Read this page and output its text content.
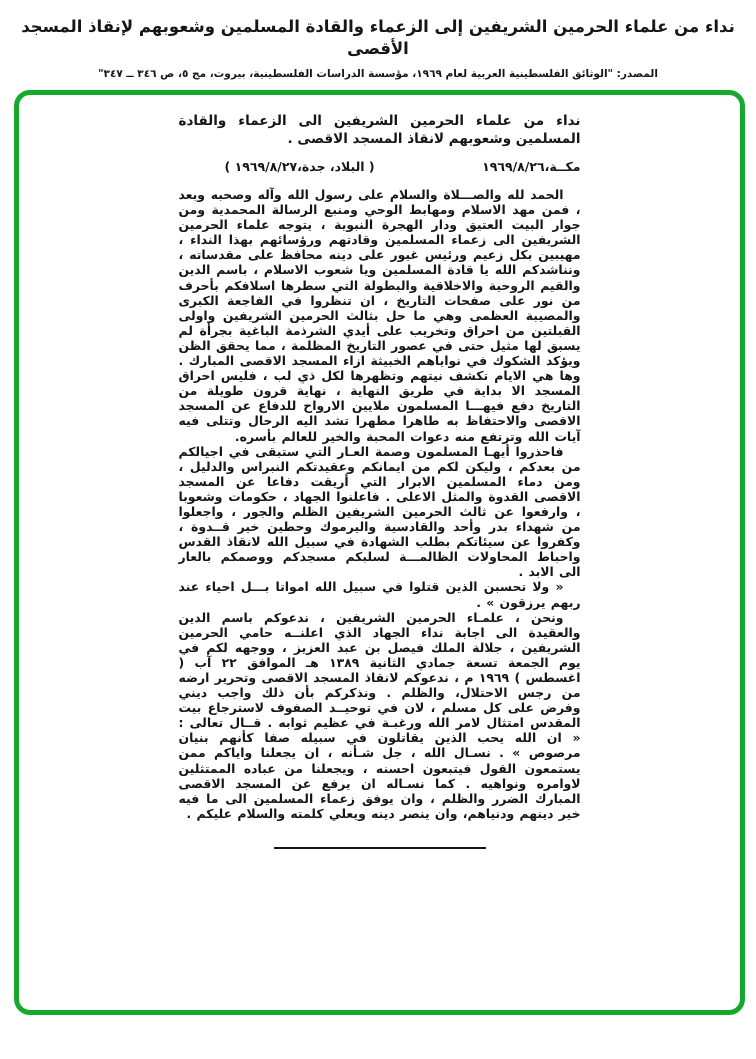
نداء من علماء الحرمين الشريفين إلى الزعماء والقادة المسلمين وشعوبهم لإنقاذ المسجد الأقصى

المصدر: "الوثائق الفلسطينية العربية لعام ١٩٦٩، مؤسسة الدراسات الفلسطينية، بيروت، مج ٥، ص ٣٤٦ ــ ٣٤٧"

نداء من علماء الحرمين الشريفين الى الزعماء والقادة المسلمين وشعوبهم لانقاذ المسجد الاقصى .

مكــة،١٩٦٩/٨/٢٦
( البلاد، جدة،١٩٦٩/٨/٢٧ )

الحمد لله والصـــلاة والسلام على رسول الله وآله وصحبه وبعد ، فمن مهد الاسلام ومهابط الوحي ومنبع الرسالة المحمدية ومن جوار البيت العتيق ودار الهجرة النبوية ، يتوجه علماء الحرمين الشريفين الى زعماء المسلمين وقادتهم ورؤسائهم بهذا النداء ، مهيبين بكل زعيم ورئيس غيور على دينه محافظ على مقدساته ، ونناشدكم الله يا قادة المسلمين ويا شعوب الاسلام ، باسم الدين والقيم الروحية والاخلاقية والبطولة التي سطرها اسلافكم بأحرف من نور على صفحات التاريخ ، ان تنظروا في الفاجعة الكبرى والمصيبة العظمى وهي ما حل بثالث الحرمين الشريفين واولى القبلتين من احراق وتخريب على أيدي الشرذمة الباغية بجرأة لم يسبق لها مثيل حتى في عصور التاريخ المظلمة ، مما يحقق الظن ويؤكد الشكوك في نواياهم الخبيثة ازاء المسجد الاقصى المبارك . وها هي الايام تكشف نيتهم وتظهرها لكل ذي لب ، فليس احراق المسجد الا بداية في طريق النهاية ، نهاية قرون طويلة من التاريخ دفع فيهـــا المسلمون ملايين الارواح للدفاع عن المسجد الاقصى والاحتفاظ به طاهرا مطهرا تشد اليه الرحال وتتلى فيه آيات الله وترتفع منه دعوات المحبة والخير للعالم بأسره.

فاحذروا أيهـا المسلمون وصمة العـار التي ستبقى في اجيالكم من بعدكم ، وليكن لكم من ايمانكم وعقيدتكم النبراس والدليل ، ومن دماء المسلمين الابرار التي أريقت دفاعا عن المسجد الاقصى القدوة والمثل الاعلى . فاعلنوا الجهاد ، حكومات وشعوبا ، وارفعوا عن ثالث الحرمين الشريفين الظلم والجور ، واجعلوا من شهداء بدر وأحد والقادسية واليرموك وحطين خير قــدوة ، وكفروا عن سيئاتكم بطلب الشهادة في سبيل الله لانقاذ القدس واحباط المحاولات الظالمـــة لسلبكم مسجدكم ووصمكم بالعار الى الابد .

« ولا تحسبن الذين قتلوا في سبيل الله امواتا بـــل احياء عند ربهم يرزقون » .

ونحن ، علمـاء الحرمين الشريفين ، ندعوكم باسم الدين والعقيدة الى اجابة نداء الجهاد الذي اعلنــه حامي الحرمين الشريفين ، جلالة الملك فيصل بن عبد العزيز ، ووجهه لكم في يوم الجمعة تسعة جمادي الثانية ١٣٨٩ هـ الموافق ٢٢ آب ( اغسطس ) ١٩٦٩ م ، ندعوكم لانقاذ المسجد الاقصى وتحرير ارضه من رجس الاحتلال، والظلم . ونذكركم بأن ذلك واجب ديني وفرض على كل مسلم ، لان في توحيــد الصفوف لاسترجاع بيت المقدس امتثال لامر الله ورغبـة في عظيم ثوابه . قــال تعالى : « ان الله يحب الذين يقاتلون في سبيله صفا كأنهم بنيان مرصوص » . نسـال الله ، جل شـأنه ، ان يجعلنا واياكم ممن يستمعون القول فيتبعون احسنه ، ويجعلنا من عباده الممتثلين لاوامره ونواهيه . كما نسـاله ان يرفع عن المسجد الاقصى المبارك الضرر والظلم ، وان يوفق زعماء المسلمين الى ما فيه خير دينهم ودنياهم، وان ينصر دينه ويعلي كلمته والسلام عليكم .
